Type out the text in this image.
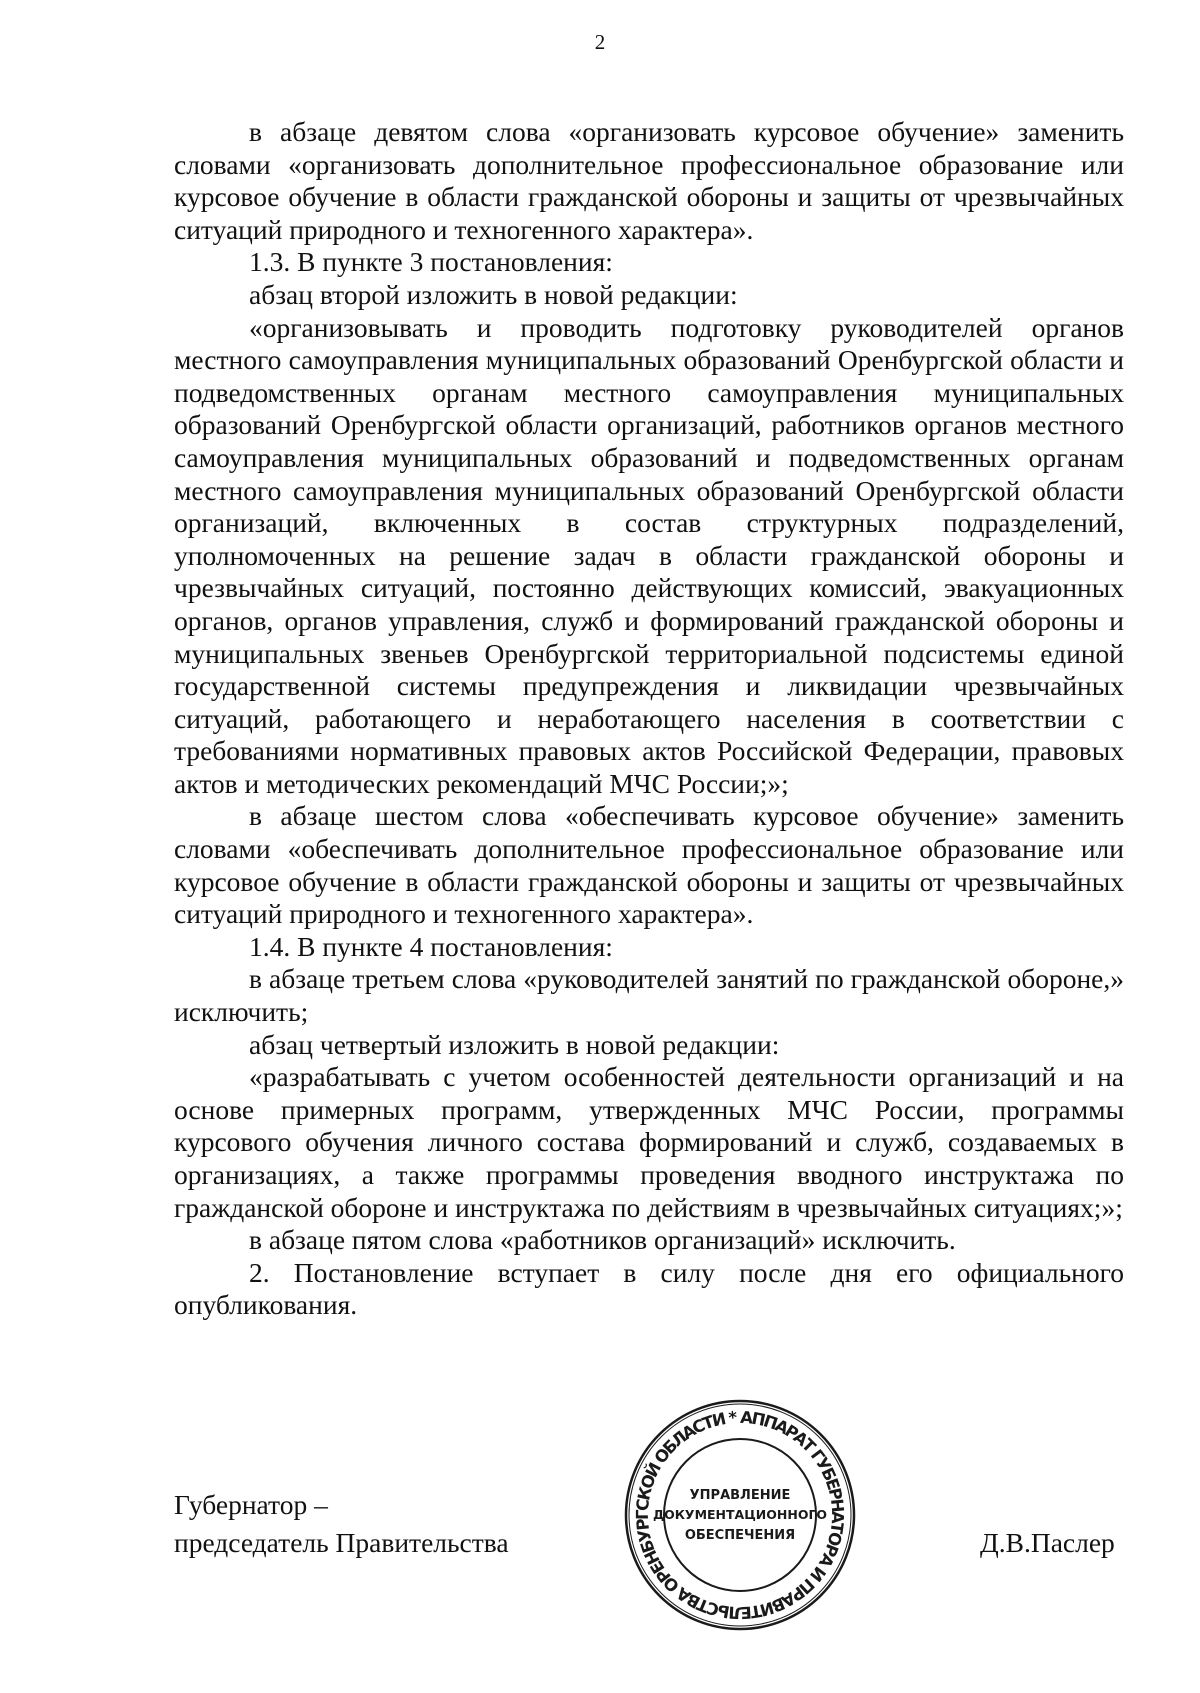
2

в абзаце девятом слова «организовать курсовое обучение» заменить словами «организовать дополнительное профессиональное образование или курсовое обучение в области гражданской обороны и защиты от чрезвычайных ситуаций природного и техногенного характера».

1.3. В пункте 3 постановления:

абзац второй изложить в новой редакции:

«организовывать и проводить подготовку руководителей органов местного самоуправления муниципальных образований Оренбургской области и подведомственных органам местного самоуправления муниципальных образований Оренбургской области организаций, работников органов местного самоуправления муниципальных образований и подведомственных органам местного самоуправления муниципальных образований Оренбургской области организаций, включенных в состав структурных подразделений, уполномоченных на решение задач в области гражданской обороны и чрезвычайных ситуаций, постоянно действующих комиссий, эвакуационных органов, органов управления, служб и формирований гражданской обороны и муниципальных звеньев Оренбургской территориальной подсистемы единой государственной системы предупреждения и ликвидации чрезвычайных ситуаций, работающего и неработающего населения в соответствии с требованиями нормативных правовых актов Российской Федерации, правовых актов и методических рекомендаций МЧС России;»;

в абзаце шестом слова «обеспечивать курсовое обучение» заменить словами «обеспечивать дополнительное профессиональное образование или курсовое обучение в области гражданской обороны и защиты от чрезвычайных ситуаций природного и техногенного характера».

1.4. В пункте 4 постановления:

в абзаце третьем слова «руководителей занятий по гражданской обороне,» исключить;

абзац четвертый изложить в новой редакции:

«разрабатывать с учетом особенностей деятельности организаций и на основе примерных программ, утвержденных МЧС России, программы курсового обучения личного состава формирований и служб, создаваемых в организациях, а также программы проведения вводного инструктажа по гражданской обороне и инструктажа по действиям в чрезвычайных ситуациях;»;

в абзаце пятом слова «работников организаций» исключить.

2. Постановление вступает в силу после дня его официального опубликования.

Губернатор –
председатель Правительства	Д.В.Паслер
АППАРАТ ГУБЕРНАТОРА И ПРАВИТЕЛЬСТВА ОРЕНБУРГСКОЙ ОБЛАСТИ *
УПРАВЛЕНИЕ
ДОКУМЕНТАЦИОННОГО
ОБЕСПЕЧЕНИЯ
